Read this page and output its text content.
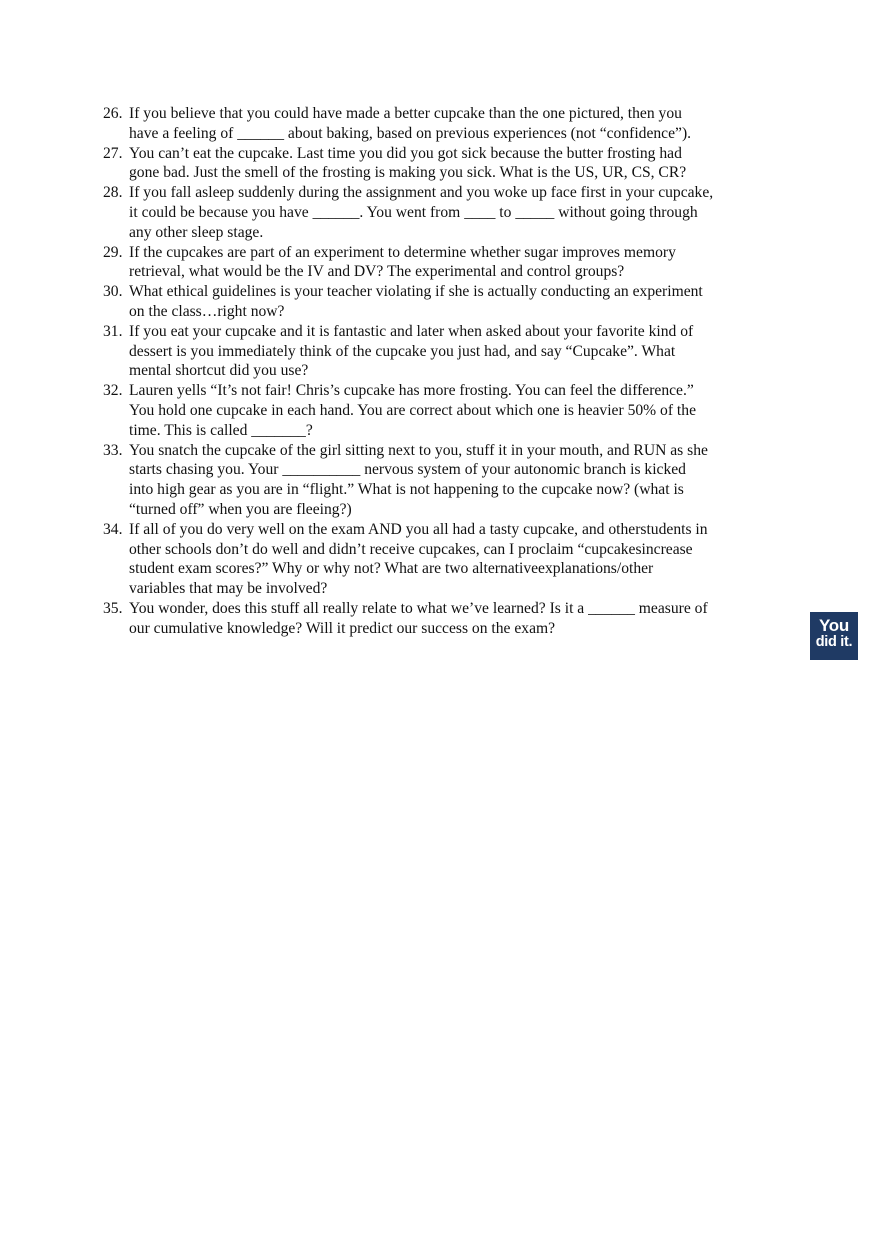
26. If you believe that you could have made a better cupcake than the one pictured, then you
have a feeling of ______ about baking, based on previous experiences (not “confidence”).
27. You can’t eat the cupcake. Last time you did you got sick because the butter frosting had
gone bad. Just the smell of the frosting is making you sick. What is the US, UR, CS, CR?
28. If you fall asleep suddenly during the assignment and you woke up face first in your cupcake,
it could be because you have ______. You went from ____ to _____ without going through
any other sleep stage.
29. If the cupcakes are part of an experiment to determine whether sugar improves memory
retrieval, what would be the IV and DV? The experimental and control groups?
30. What ethical guidelines is your teacher violating if she is actually conducting an experiment
on the class…right now?
31. If you eat your cupcake and it is fantastic and later when asked about your favorite kind of
dessert is you immediately think of the cupcake you just had, and say “Cupcake”. What
mental shortcut did you use?
32. Lauren yells “It’s not fair! Chris’s cupcake has more frosting. You can feel the difference.”
You hold one cupcake in each hand. You are correct about which one is heavier 50% of the
time. This is called _______?
33. You snatch the cupcake of the girl sitting next to you, stuff it in your mouth, and RUN as she
starts chasing you. Your __________ nervous system of your autonomic branch is kicked
into high gear as you are in “flight.” What is not happening to the cupcake now? (what is
“turned off” when you are fleeing?)
34. If all of you do very well on the exam AND you all had a tasty cupcake, and otherstudents in
other schools don’t do well and didn’t receive cupcakes, can I proclaim “cupcakesincrease
student exam scores?” Why or why not? What are two alternativeexplanations/other
variables that may be involved?
35. You wonder, does this stuff all really relate to what we’ve learned? Is it a ______ measure of
our cumulative knowledge? Will it predict our success on the exam?	You
did it.
